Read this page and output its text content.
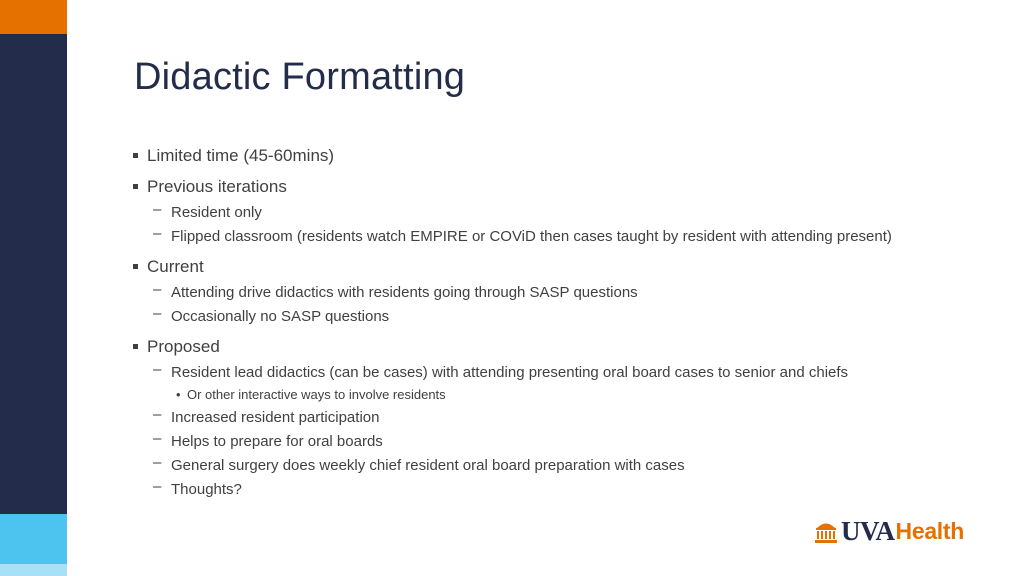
Didactic Formatting
Limited time (45-60mins)
Previous iterations
– Resident only
– Flipped classroom (residents watch EMPIRE or COViD then cases taught by resident with attending present)
Current
– Attending drive didactics with residents going through SASP questions
– Occasionally no SASP questions
Proposed
– Resident lead didactics (can be cases) with attending presenting oral board cases to senior and chiefs
• Or other interactive ways to involve residents
– Increased resident participation
– Helps to prepare for oral boards
– General surgery does weekly chief resident oral board preparation with cases
– Thoughts?
UVA Health
